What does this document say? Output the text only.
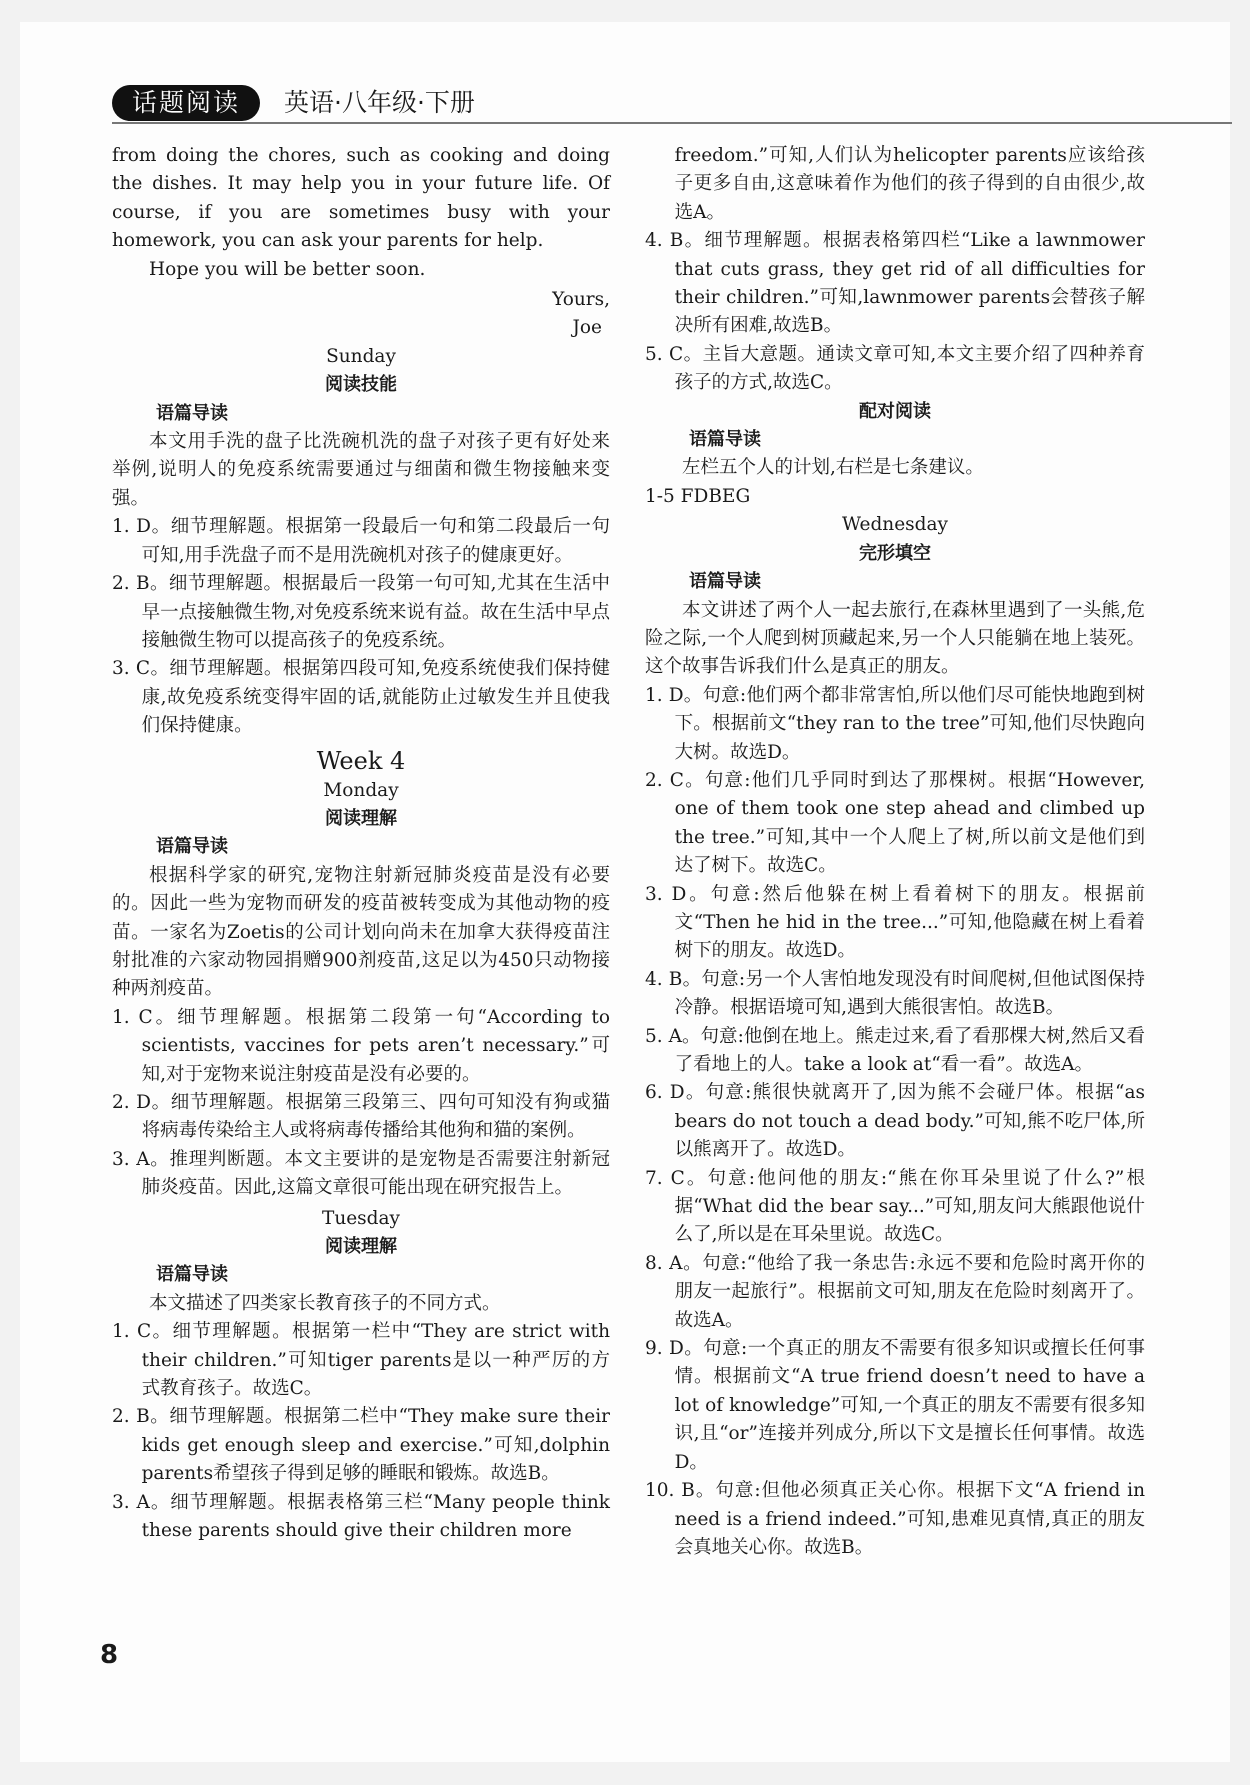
话题阅读	英语·八年级·下册

from doing the chores, such as cooking and doing the dishes. It may help you in your future life. Of course, if you are sometimes busy with your homework, you can ask your parents for help.

Hope you will be better soon.

Yours,

Joe

Sunday

阅读技能

语篇导读

本文用手洗的盘子比洗碗机洗的盘子对孩子更有好处来举例,说明人的免疫系统需要通过与细菌和微生物接触来变强。

1. D。细节理解题。根据第一段最后一句和第二段最后一句可知,用手洗盘子而不是用洗碗机对孩子的健康更好。

2. B。细节理解题。根据最后一段第一句可知,尤其在生活中早一点接触微生物,对免疫系统来说有益。故在生活中早点接触微生物可以提高孩子的免疫系统。

3. C。细节理解题。根据第四段可知,免疫系统使我们保持健康,故免疫系统变得牢固的话,就能防止过敏发生并且使我们保持健康。

Week 4

Monday

阅读理解

语篇导读

根据科学家的研究,宠物注射新冠肺炎疫苗是没有必要的。因此一些为宠物而研发的疫苗被转变成为其他动物的疫苗。一家名为Zoetis的公司计划向尚未在加拿大获得疫苗注射批准的六家动物园捐赠900剂疫苗,这足以为450只动物接种两剂疫苗。

1. C。细节理解题。根据第二段第一句“According to scientists, vaccines for pets aren’t necessary.”可知,对于宠物来说注射疫苗是没有必要的。

2. D。细节理解题。根据第三段第三、四句可知没有狗或猫将病毒传染给主人或将病毒传播给其他狗和猫的案例。

3. A。推理判断题。本文主要讲的是宠物是否需要注射新冠肺炎疫苗。因此,这篇文章很可能出现在研究报告上。

Tuesday

阅读理解

语篇导读

本文描述了四类家长教育孩子的不同方式。

1. C。细节理解题。根据第一栏中“They are strict with their children.”可知tiger parents是以一种严厉的方式教育孩子。故选C。

2. B。细节理解题。根据第二栏中“They make sure their kids get enough sleep and exercise.”可知,dolphin parents希望孩子得到足够的睡眠和锻炼。故选B。

3. A。细节理解题。根据表格第三栏“Many people think these parents should give their children more

freedom.”可知,人们认为helicopter parents应该给孩子更多自由,这意味着作为他们的孩子得到的自由很少,故选A。

4. B。细节理解题。根据表格第四栏“Like a lawnmower that cuts grass, they get rid of all difficulties for their children.”可知,lawnmower parents会替孩子解决所有困难,故选B。

5. C。主旨大意题。通读文章可知,本文主要介绍了四种养育孩子的方式,故选C。

配对阅读

语篇导读

左栏五个人的计划,右栏是七条建议。

1-5 FDBEG

Wednesday

完形填空

语篇导读

本文讲述了两个人一起去旅行,在森林里遇到了一头熊,危险之际,一个人爬到树顶藏起来,另一个人只能躺在地上装死。这个故事告诉我们什么是真正的朋友。

1. D。句意:他们两个都非常害怕,所以他们尽可能快地跑到树下。根据前文“they ran to the tree”可知,他们尽快跑向大树。故选D。

2. C。句意:他们几乎同时到达了那棵树。根据“However, one of them took one step ahead and climbed up the tree.”可知,其中一个人爬上了树,所以前文是他们到达了树下。故选C。

3. D。句意:然后他躲在树上看着树下的朋友。根据前文“Then he hid in the tree...”可知,他隐藏在树上看着树下的朋友。故选D。

4. B。句意:另一个人害怕地发现没有时间爬树,但他试图保持冷静。根据语境可知,遇到大熊很害怕。故选B。

5. A。句意:他倒在地上。熊走过来,看了看那棵大树,然后又看了看地上的人。take a look at“看一看”。故选A。

6. D。句意:熊很快就离开了,因为熊不会碰尸体。根据“as bears do not touch a dead body.”可知,熊不吃尸体,所以熊离开了。故选D。

7. C。句意:他问他的朋友:“熊在你耳朵里说了什么?”根据“What did the bear say...”可知,朋友问大熊跟他说什么了,所以是在耳朵里说。故选C。

8. A。句意:“他给了我一条忠告:永远不要和危险时离开你的朋友一起旅行”。根据前文可知,朋友在危险时刻离开了。故选A。

9. D。句意:一个真正的朋友不需要有很多知识或擅长任何事情。根据前文“A true friend doesn’t need to have a lot of knowledge”可知,一个真正的朋友不需要有很多知识,且“or”连接并列成分,所以下文是擅长任何事情。故选D。

10. B。句意:但他必须真正关心你。根据下文“A friend in need is a friend indeed.”可知,患难见真情,真正的朋友会真地关心你。故选B。

8
